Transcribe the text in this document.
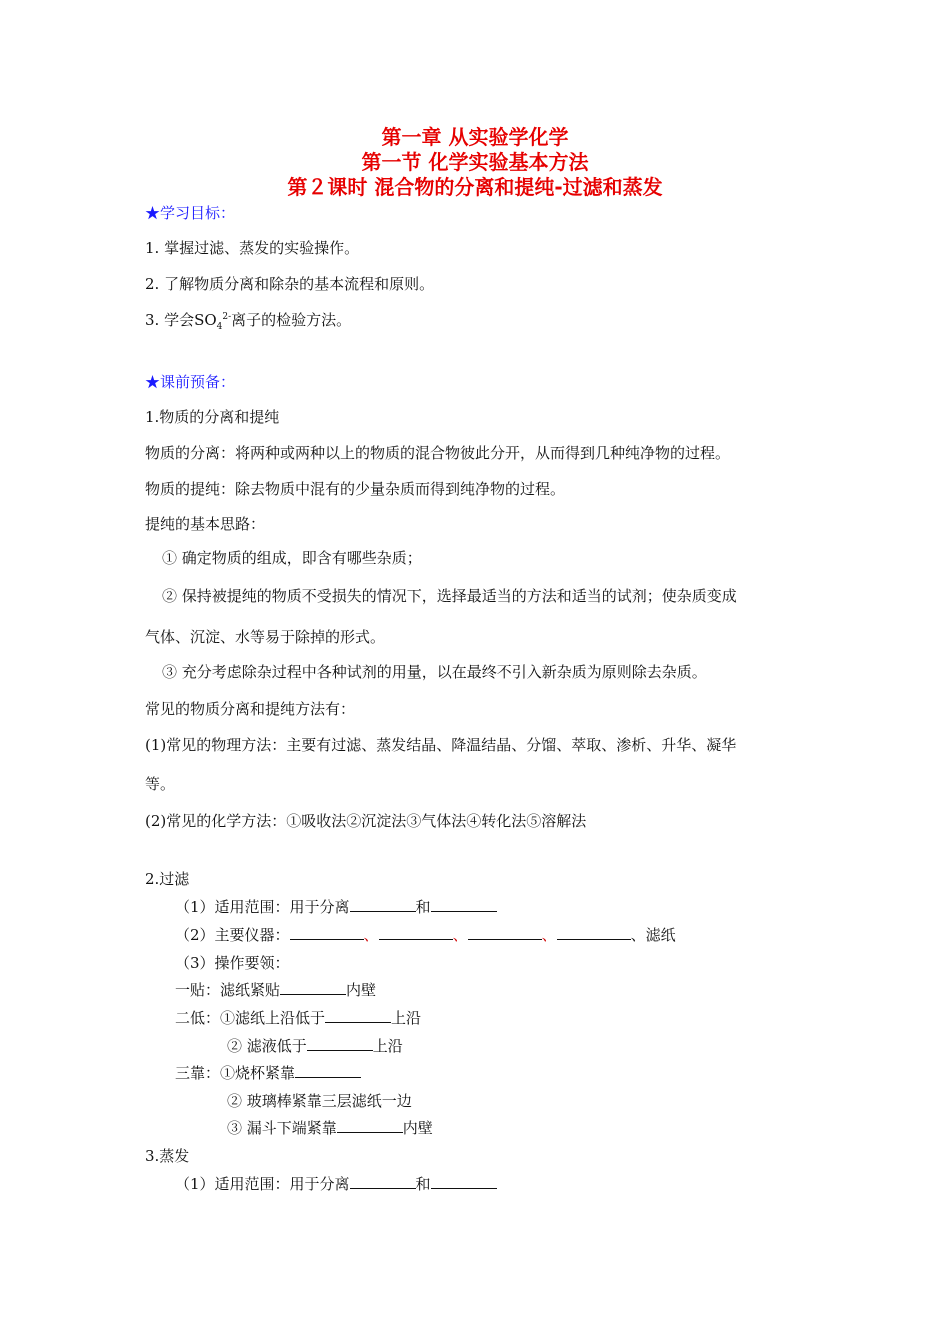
第一章 从实验学化学
第一节 化学实验基本方法
第２课时 混合物的分离和提纯-过滤和蒸发
★学习目标：
1. 掌握过滤、蒸发的实验操作。
2. 了解物质分离和除杂的基本流程和原则。
3. 学会$SO_4^{2-}$离子的检验方法。
★课前预备：
1.物质的分离和提纯
物质的分离：将两种或两种以上的物质的混合物彼此分开，从而得到几种纯净物的过程。
物质的提纯：除去物质中混有的少量杂质而得到纯净物的过程。
提纯的基本思路：
① 确定物质的组成，即含有哪些杂质；
② 保持被提纯的物质不受损失的情况下，选择最适当的方法和适当的试剂；使杂质变成
气体、沉淀、水等易于除掉的形式。
③ 充分考虑除杂过程中各种试剂的用量，以在最终不引入新杂质为原则除去杂质。
常见的物质分离和提纯方法有：
(1)常见的物理方法：主要有过滤、蒸发结晶、降温结晶、分馏、萃取、渗析、升华、凝华
等。
(2)常见的化学方法：①吸收法②沉淀法③气体法④转化法⑤溶解法
2.过滤
（1）适用范围：用于分离	和
（2）主要仪器：	、	、	、	、滤纸
（3）操作要领：
一贴：滤纸紧贴	内壁
二低：①滤纸上沿低于	上沿
② 滤液低于	上沿
三靠：①烧杯紧靠
② 玻璃棒紧靠三层滤纸一边
③ 漏斗下端紧靠	内壁
3.蒸发
（1）适用范围：用于分离	和
